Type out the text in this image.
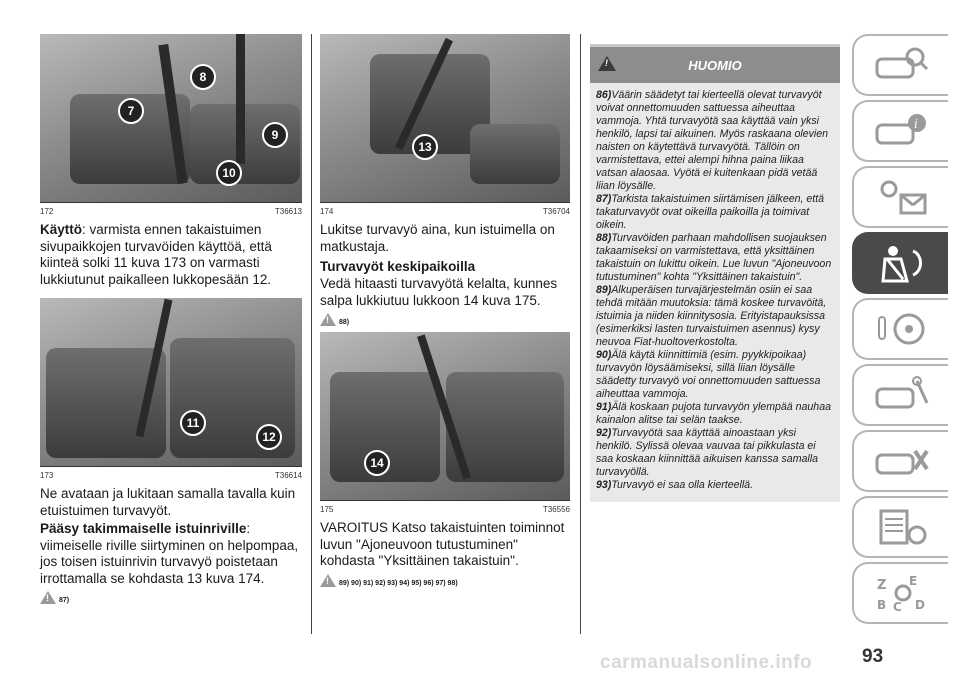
7
8
9
10
172	T36613
Käyttö: varmista ennen takaistuimen sivupaikkojen turvavöiden käyttöä, että kiinteä solki 11 kuva 173 on varmasti lukkiutunut paikalleen lukkopesään 12.
11
12
173	T36614
Ne avataan ja lukitaan samalla tavalla kuin etuistuimen turvavyöt.
Pääsy takimmaiselle istuinriville: viimeiselle riville siirtyminen on helpompaa, jos toisen istuinrivin turvavyö poistetaan irrottamalla se kohdasta 13 kuva 174.
!
87)
13
174	T36704
Lukitse turvavyö aina, kun istuimella on matkustaja.
Turvavyöt keskipaikoilla
Vedä hitaasti turvavyötä kelalta, kunnes salpa lukkiutuu lukkoon 14 kuva 175.
!
88)
14
175	T36556
VAROITUS Katso takaistuinten toiminnot luvun "Ajoneuvoon tutustuminen" kohdasta "Yksittäinen takaistuin".
!
89) 90) 91) 92) 93) 94) 95) 96) 97) 98)
!
HUOMIO
86)Väärin säädetyt tai kierteellä olevat turvavyöt voivat onnettomuuden sattuessa aiheuttaa vammoja. Yhtä turvavyötä saa käyttää vain yksi henkilö, lapsi tai aikuinen. Myös raskaana olevien naisten on käytettävä turvavyötä. Tällöin on varmistettava, ettei alempi hihna paina liikaa vatsan alaosaa. Vyötä ei kuitenkaan pidä vetää liian löysälle.
87)Tarkista takaistuimen siirtämisen jälkeen, että takaturvavyöt ovat oikeilla paikoilla ja toimivat oikein.
88)Turvavöiden parhaan mahdollisen suojauksen takaamiseksi on varmistettava, että yksittäinen takaistuin on lukittu oikein. Lue luvun "Ajoneuvoon tutustuminen" kohta "Yksittäinen takaistuin".
89)Alkuperäisen turvajärjestelmän osiin ei saa tehdä mitään muutoksia: tämä koskee turvavöitä, istuimia ja niiden kiinnitysosia. Erityistapauksissa (esimerkiksi lasten turvaistuimen asennus) kysy neuvoa Fiat-huoltoverkostolta.
90)Älä käytä kiinnittimiä (esim. pyykkipoikaa) turvavyön löysäämiseksi, sillä liian löysälle säädetty turvavyö voi onnettomuuden sattuessa aiheuttaa vammoja.
91)Älä koskaan pujota turvavyön ylempää nauhaa kainalon alitse tai selän taakse.
92)Turvavyötä saa käyttää ainoastaan yksi henkilö. Sylissä olevaa vauvaa tai pikkulasta ei saa koskaan kiinnittää aikuisen kanssa samalla turvavyöllä.
93)Turvavyö ei saa olla kierteellä.
i
Z E
B C D
carmanualsonline.info	93
